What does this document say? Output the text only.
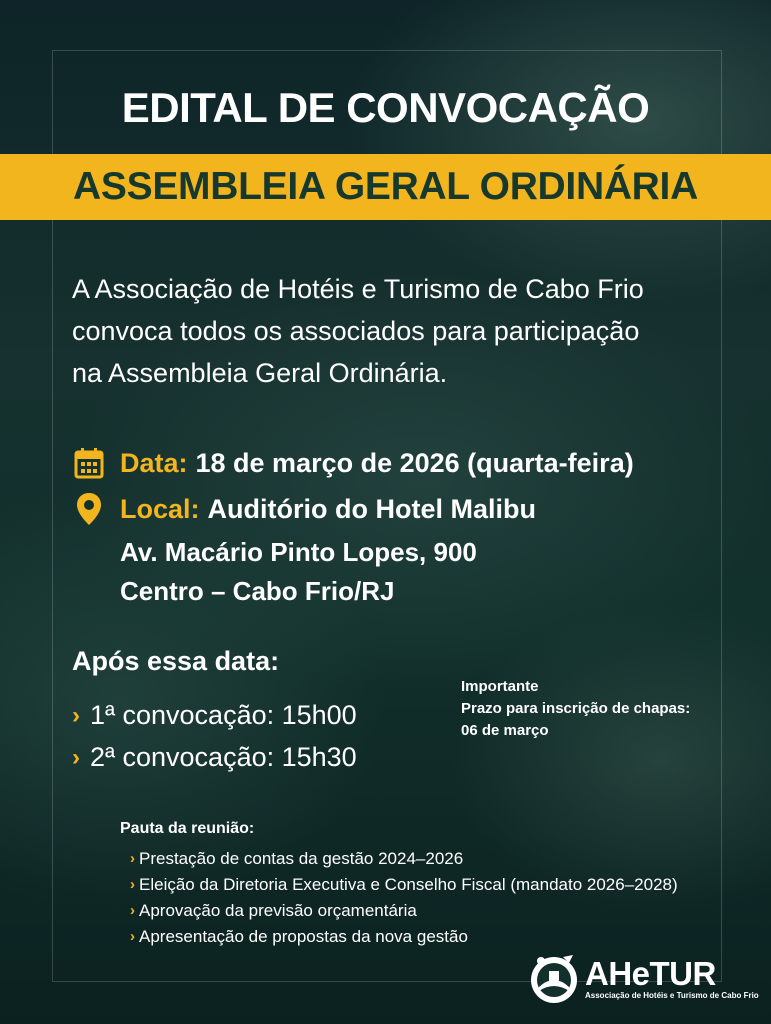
EDITAL DE CONVOCAÇÃO
ASSEMBLEIA GERAL ORDINÁRIA
A Associação de Hotéis e Turismo de Cabo Frio
convoca todos os associados para participação
na Assembleia Geral Ordinária.
Data: 18 de março de 2026 (quarta-feira)
Local: Auditório do Hotel Malibu
Av. Macário Pinto Lopes, 900
Centro – Cabo Frio/RJ
Após essa data:
› 1ª convocação: 15h00
› 2ª convocação: 15h30
Importante
Prazo para inscrição de chapas:
06 de março
Pauta da reunião:
› Prestação de contas da gestão 2024–2026
› Eleição da Diretoria Executiva e Conselho Fiscal (mandato 2026–2028)
› Aprovação da previsão orçamentária
› Apresentação de propostas da nova gestão
AHeTUR
Associação de Hotéis e Turismo de Cabo Frio
